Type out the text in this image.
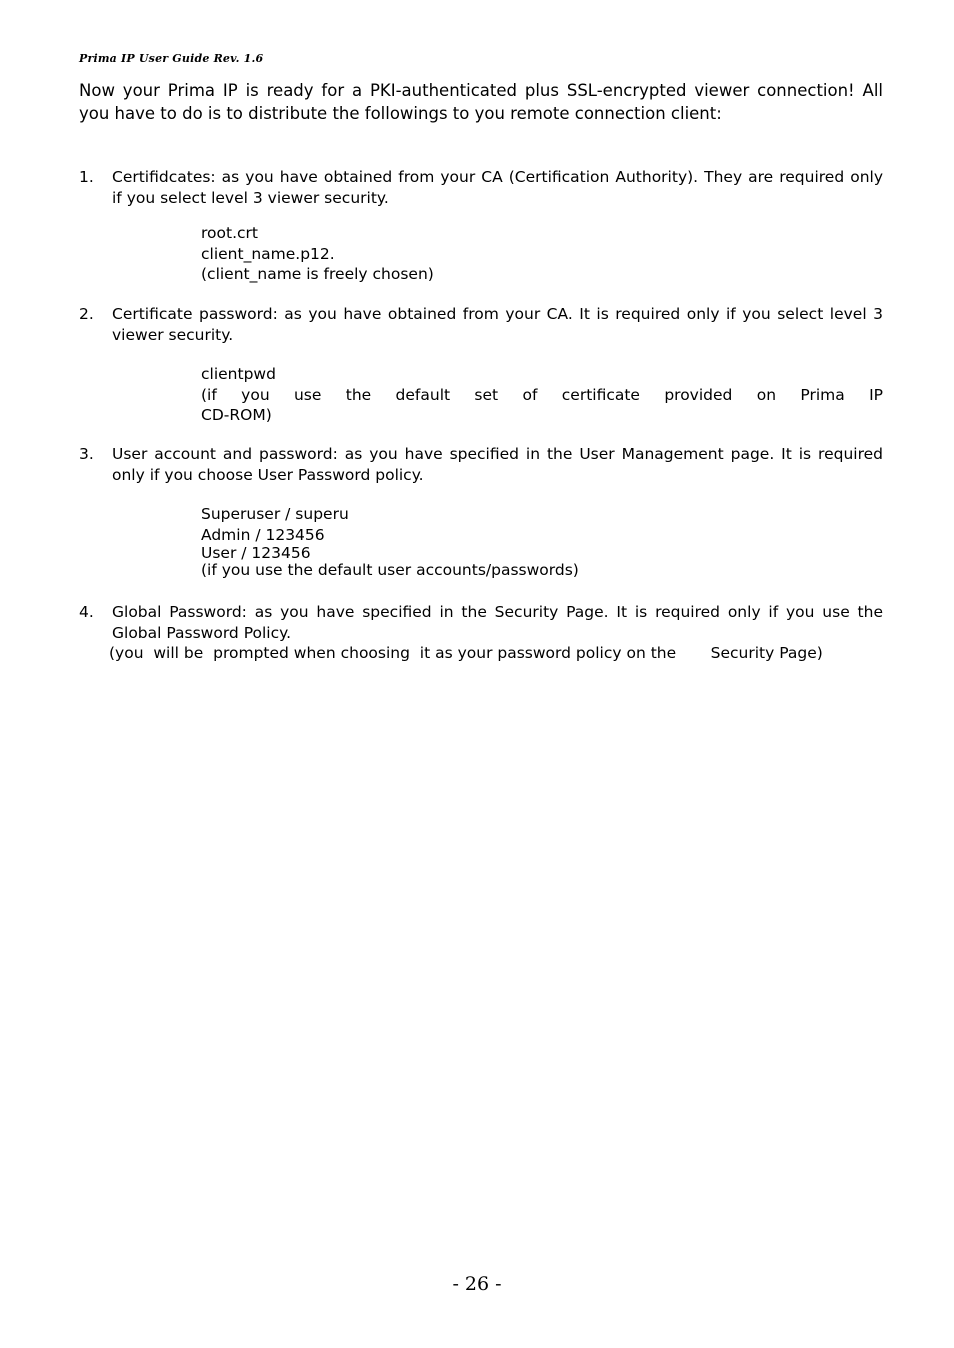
Prima IP User Guide Rev. 1.6
Now your Prima IP is ready for a PKI-authenticated plus SSL-encrypted viewer connection! All you have to do is to distribute the followings to you remote connection client:
1.	Certifidcates: as you have obtained from your CA (Certification Authority). They are required only if you select level 3 viewer security.
root.crt
client_name.p12.
(client_name is freely chosen)
2.	Certificate password: as you have obtained from your CA. It is required only if you select level 3 viewer security.
clientpwd
(if you use the default set of certificate provided on Prima IP
CD-ROM)
3.	User account and password: as you have specified in the User Management page. It is required only if you choose User Password policy.
Superuser / superu
Admin / 123456
User / 123456
(if you use the default user accounts/passwords)
4.	Global Password: as you have specified in the Security Page. It is required only if you use the Global Password Policy.
(you  will be  prompted when choosing  it as your password policy on the       Security Page)
- 26 -
